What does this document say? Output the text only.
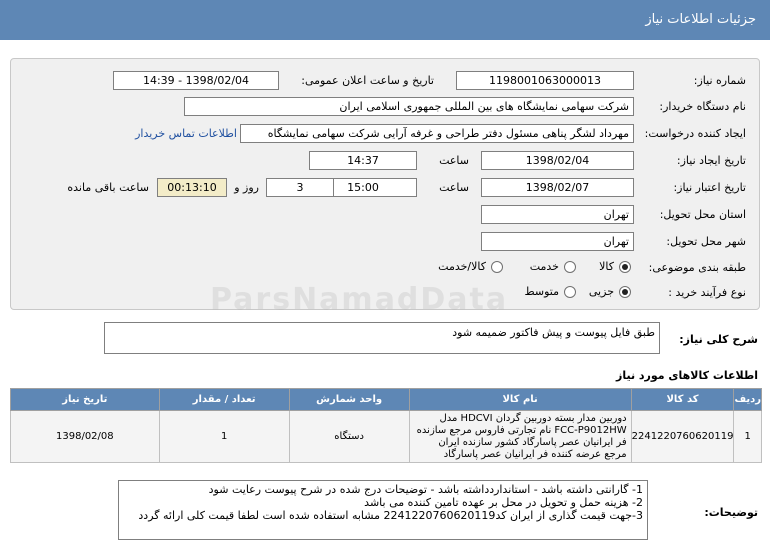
جزئیات اطلاعات نیاز
شماره نیاز:
1198001063000013
تاریخ و ساعت اعلان عمومی:
1398/02/04 - 14:39
نام دستگاه خریدار:
شرکت سهامی نمایشگاه های بین المللی جمهوری اسلامی ایران
ایجاد کننده درخواست:
مهرداد لشگر پناهی مسئول دفتر طراحی و غرفه آرایی شرکت سهامی نمایشگاه
اطلاعات تماس خریدار
تاریخ ایجاد نیاز:
1398/02/04
ساعت
14:37
تاریخ اعتبار نیاز:
1398/02/07
ساعت
15:00
3
روز و
00:13:10
ساعت باقی مانده
استان محل تحویل:
تهران
شهر محل تحویل:
تهران
طبقه بندی موضوعی:
کالا
خدمت
کالا/خدمت
نوع فرآیند خرید :
جزیی
متوسط
ParsNamadData
شرح کلی نیاز:
طبق فایل پیوست و پیش فاکتور ضمیمه شود
اطلاعات کالاهای مورد نیاز
ردیف	کد کالا	نام کالا	واحد شمارش	تعداد / مقدار	تاریخ نیاز
1	2241220760620119	دوربین مدار بسته دوربین گردان HDCVI مدل FCC-P9012HW نام تجارتی فاروس مرجع سازنده فر ایرانیان عصر پاسارگاد کشور سازنده ایران مرجع عرضه کننده فر ایرانیان عصر پاسارگاد	دستگاه	1	1398/02/08
توضیحات:
1- گارانتی داشته باشد - استانداردداشته باشد - توضیحات درج شده در شرح پیوست رعایت شود
2- هزینه حمل و تحویل در محل بر عهده تامین کننده می باشد
3-جهت قیمت گذاری از ایران کد2241220760620119 مشابه استفاده شده است لطفا قیمت کلی ارائه گردد
